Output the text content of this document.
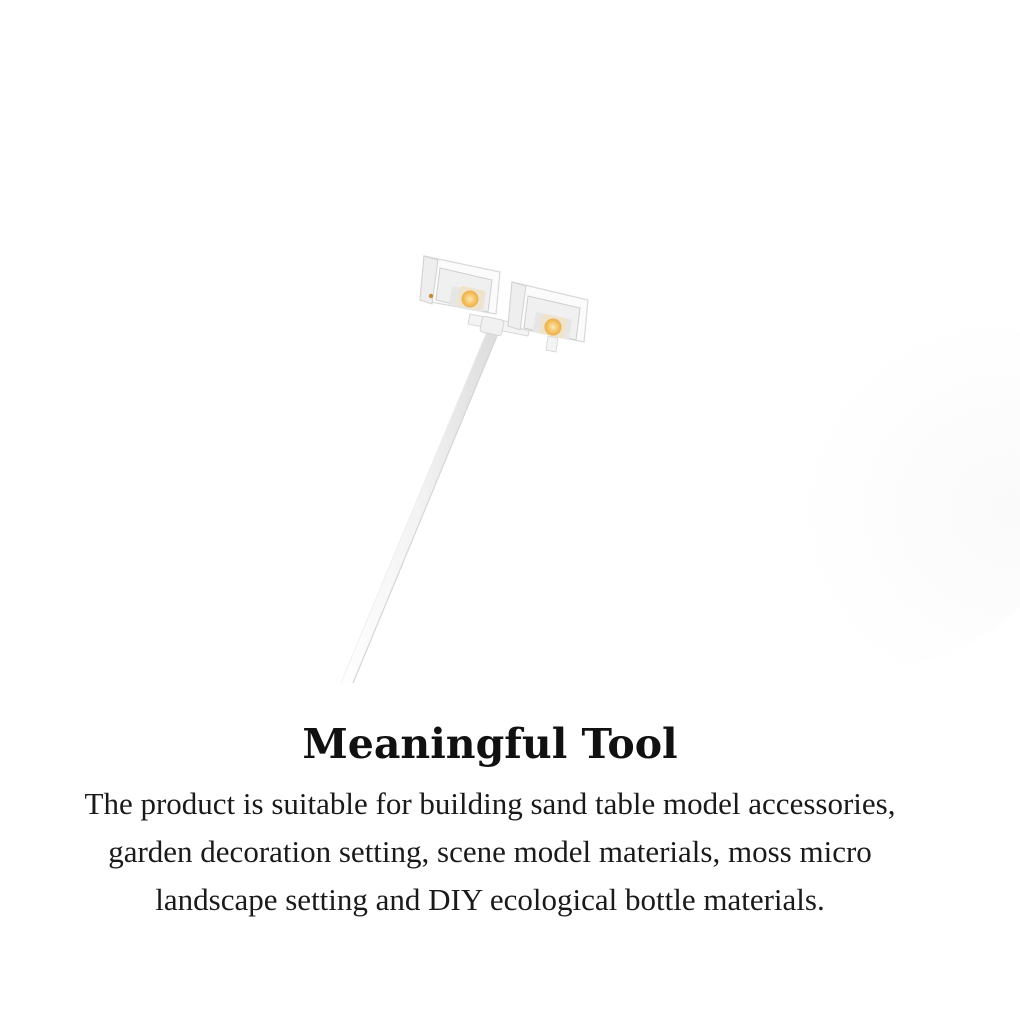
Meaningful Tool

The product is suitable for building sand table model accessories, garden decoration setting, scene model materials, moss micro landscape setting and DIY ecological bottle materials.
